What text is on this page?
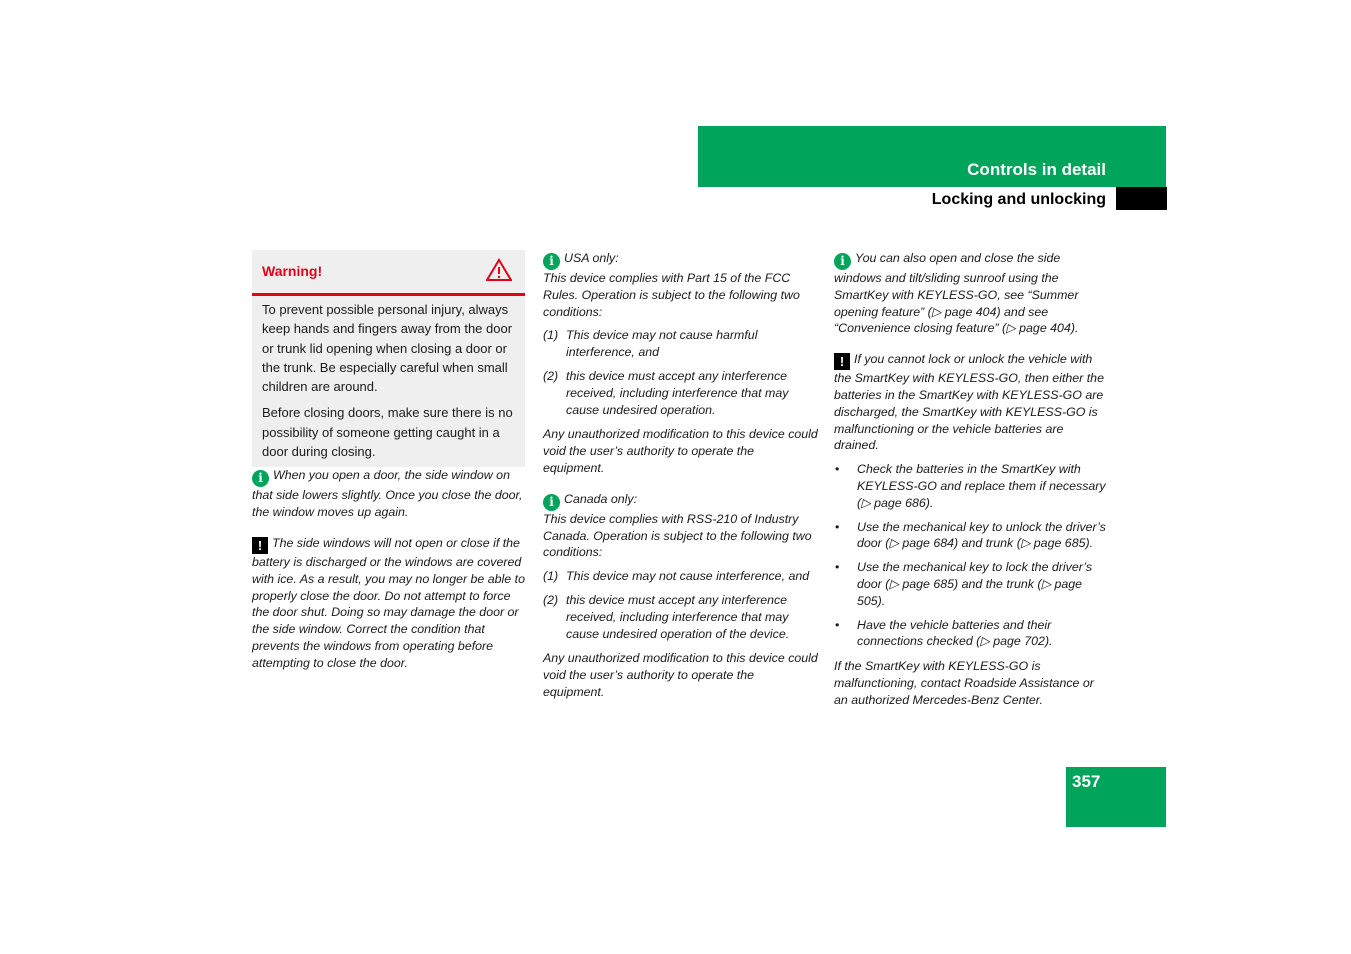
Controls in detail
Locking and unlocking
Warning!

To prevent possible personal injury, always keep hands and fingers away from the door or trunk lid opening when closing a door or the trunk. Be especially careful when small children are around.

Before closing doors, make sure there is no possibility of someone getting caught in a door during closing.

i When you open a door, the side window on that side lowers slightly. Once you close the door, the window moves up again.

! The side windows will not open or close if the battery is discharged or the windows are covered with ice. As a result, you may no longer be able to properly close the door. Do not attempt to force the door shut. Doing so may damage the door or the side window. Correct the condition that prevents the windows from operating before attempting to close the door.

i USA only:

This device complies with Part 15 of the FCC Rules. Operation is subject to the following two conditions:

(1) This device may not cause harmful interference, and
(2) this device must accept any interference received, including interference that may cause undesired operation.

Any unauthorized modification to this device could void the user’s authority to operate the equipment.

i Canada only:

This device complies with RSS-210 of Industry Canada. Operation is subject to the following two conditions:

(1) This device may not cause interference, and
(2) this device must accept any interference received, including interference that may cause undesired operation of the device.

Any unauthorized modification to this device could void the user’s authority to operate the equipment.

i You can also open and close the side windows and tilt/sliding sunroof using the SmartKey with KEYLESS-GO, see “Summer opening feature” (▷ page 404) and see “Convenience closing feature” (▷ page 404).

! If you cannot lock or unlock the vehicle with the SmartKey with KEYLESS-GO, then either the batteries in the SmartKey with KEYLESS-GO are discharged, the SmartKey with KEYLESS-GO is malfunctioning or the vehicle batteries are drained.

• Check the batteries in the SmartKey with KEYLESS-GO and replace them if necessary (▷ page 686).
• Use the mechanical key to unlock the driver’s door (▷ page 684) and trunk (▷ page 685).
• Use the mechanical key to lock the driver’s door (▷ page 685) and the trunk (▷ page 505).
• Have the vehicle batteries and their connections checked (▷ page 702).

If the SmartKey with KEYLESS-GO is malfunctioning, contact Roadside Assistance or an authorized Mercedes-Benz Center.

357
